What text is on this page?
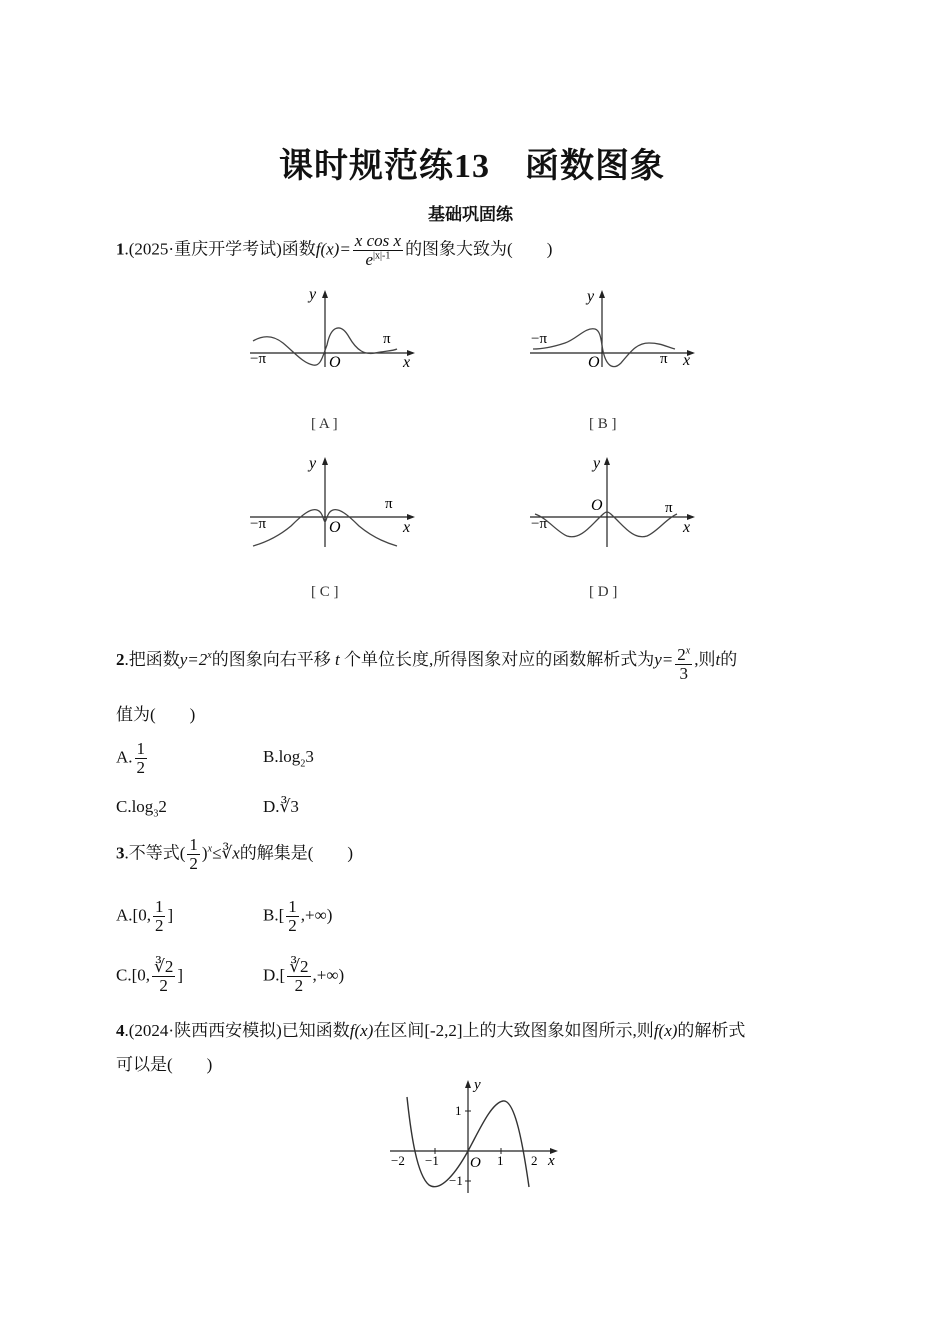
课时规范练13　函数图象
基础巩固练
1.(2025·重庆开学考试)函数$f(x)= \frac{\text{x cos x}}{e^{|x|-1}}$ 的图象大致为(　　)
y
x
O
−π
π
[ A ]
y
x
O
−π
π
[ B ]
y
x
O
−π
π
[ C ]
y
x
O
−π
π
[ D ]
2.把函数$y=2^x$的图象向右平移 t 个单位长度,所得图象对应的函数解析式为$y= \frac{2^x}{3}$ ,则t的
值为(　　)
A. $\frac{1}{2}$	$B.\log_23$
$C.\log_32$	D.∛3
3.不等式( $\frac{1}{2}$ )$^x$≤∛x的解集是(　　)
A.[0, $\frac{1}{2}$ ]	$B.[ \frac{1}{2}$ ,+∞)
C.[0, $\frac{∛2}{2}$ ]	$D.[ \frac{∛2}{2}$ ,+∞)
4.(2024·陕西西安模拟)已知函数f(x)在区间[-2,2]上的大致图象如图所示,则f(x)的解析式
可以是(　　)
y
x
O
1
−1
−2 −1	1 2
